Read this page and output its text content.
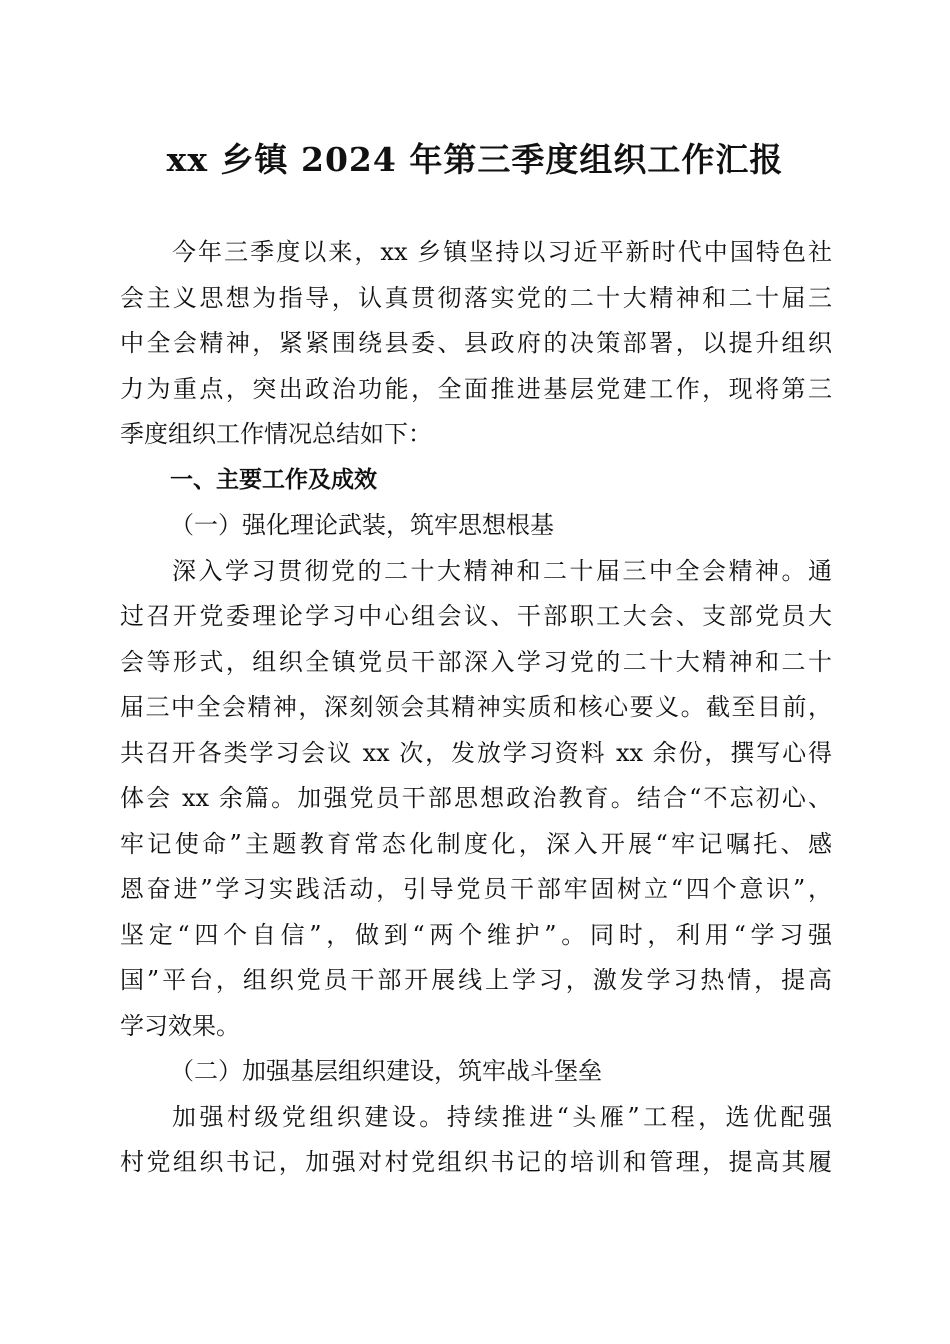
xx 乡镇 2024 年第三季度组织工作汇报
今年三季度以来，xx 乡镇坚持以习近平新时代中国特色社
会主义思想为指导，认真贯彻落实党的二十大精神和二十届三
中全会精神，紧紧围绕县委、县政府的决策部署，以提升组织
力为重点，突出政治功能，全面推进基层党建工作，现将第三
季度组织工作情况总结如下：
一、主要工作及成效
（一）强化理论武装，筑牢思想根基
深入学习贯彻党的二十大精神和二十届三中全会精神。通
过召开党委理论学习中心组会议、干部职工大会、支部党员大
会等形式，组织全镇党员干部深入学习党的二十大精神和二十
届三中全会精神，深刻领会其精神实质和核心要义。截至目前，
共召开各类学习会议 xx 次，发放学习资料 xx 余份，撰写心得
体会 xx 余篇。加强党员干部思想政治教育。结合“不忘初心、
牢记使命”主题教育常态化制度化，深入开展“牢记嘱托、感
恩奋进”学习实践活动，引导党员干部牢固树立“四个意识”，
坚定“四个自信”，做到“两个维护”。同时，利用“学习强
国”平台，组织党员干部开展线上学习，激发学习热情，提高
学习效果。
（二）加强基层组织建设，筑牢战斗堡垒
加强村级党组织建设。持续推进“头雁”工程，选优配强
村党组织书记，加强对村党组织书记的培训和管理，提高其履
